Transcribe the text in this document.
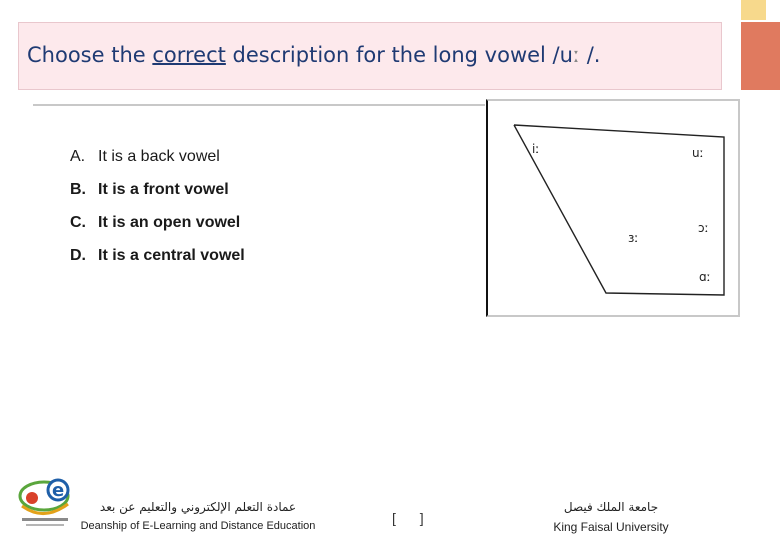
Choose the correct description for the long vowel /uː /.
A. It is a back vowel
B. It is a front vowel
C. It is an open vowel
D. It is a central vowel
iː	uː
ɔː
ɜː
ɑː
e
عمادة التعلم الإلكتروني والتعليم عن بعد
Deanship of E-Learning and Distance Education	[ ]
جامعة الملك فيصل
King Faisal University
